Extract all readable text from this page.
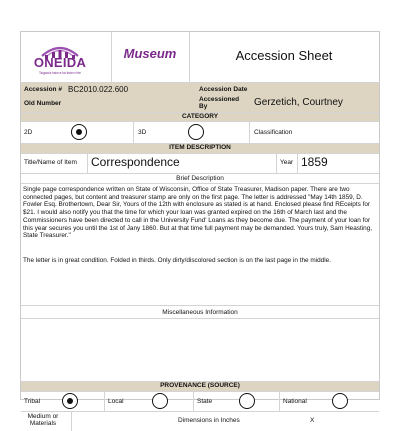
ONEIDA
Tsigwa'a·ksiw·a·ka·ksta·n·hte
Museum	Accession Sheet
Accession # BC2010.022.600	Accession Date
Old Number
Accessioned By	Gerzetich, Courtney
CATEGORY
2D	3D	Classification
ITEM DESCRIPTION
Title/Name of Item Correspondence	Year 1859
Brief Description
Single page correspondence written on State of Wisconsin, Office of State Treasurer, Madison paper. There are two connected pages, but content and treasurer stamp are only on the first page. The letter is addressed "May 14th 1859, D. Fowler Esq. Brothertown, Dear Sir, Yours of the 12th with enclosure as stated is at hand. Enclosed please find REceipts for $21. I would also notify you that the time for which your loan was granted expired on the 16th of March last and the Commissioners have been directed to call in the University Fund' Loans as they become due. The payment of your loan for this year secures you until the 1st of Jany 1860. But at that time full payment may be demanded. Yours truly, Sam Heasting, State Treasurer."
The letter is in great condition. Folded in thirds. Only dirty/discolored section is on the last page in the middle.
Miscellaneous Information
PROVENANCE (SOURCE)
Tribal	Local	State	National
Medium or Materials	Dimensions in Inches	X
